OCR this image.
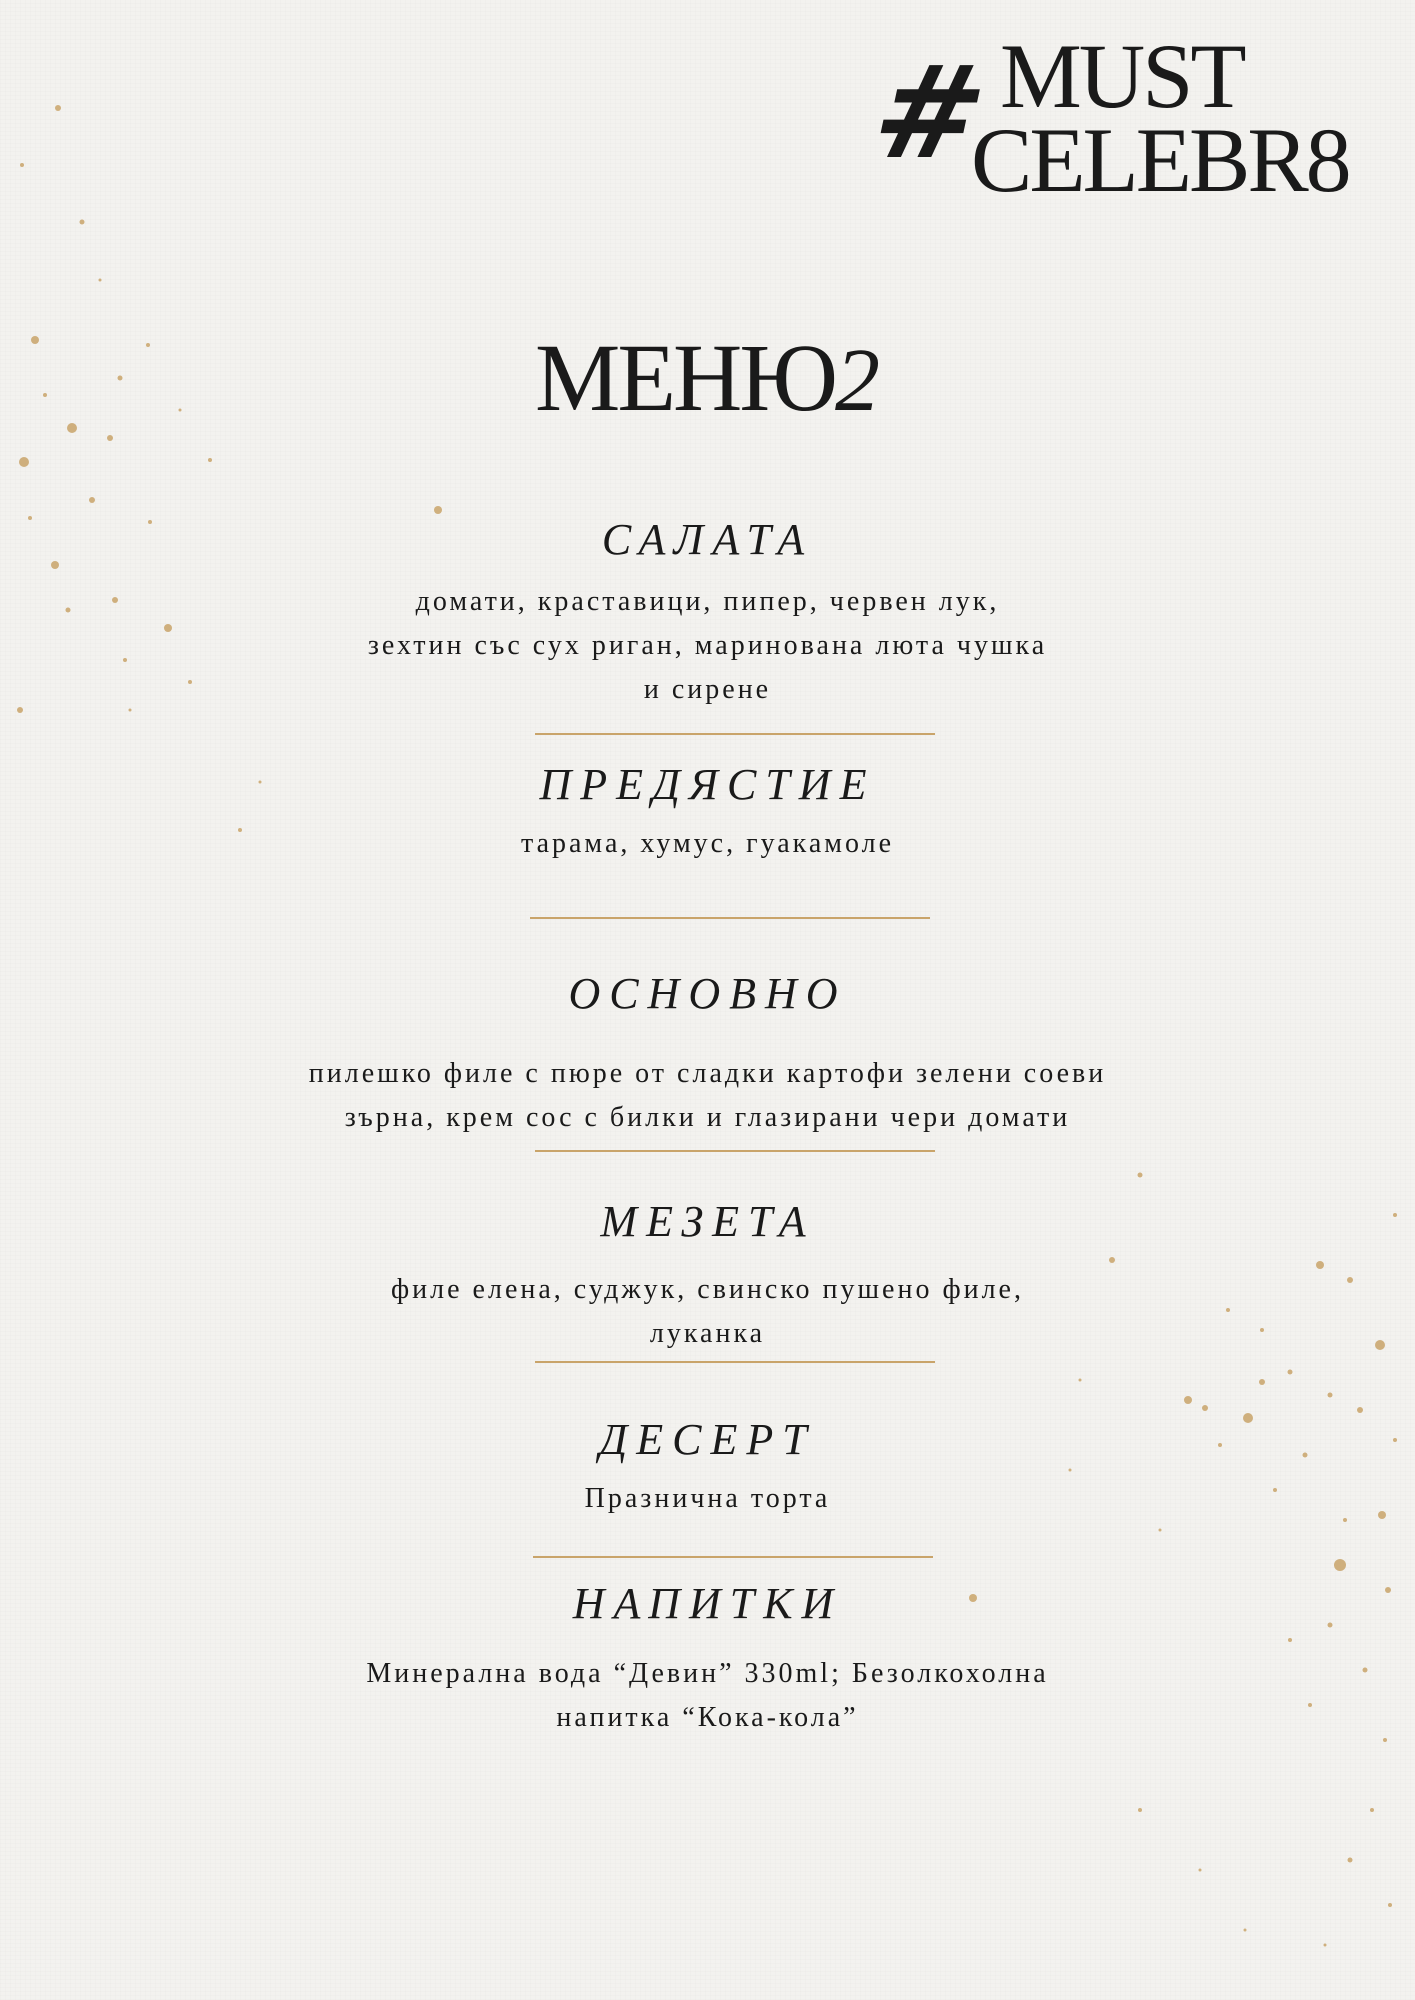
# MUST
CELEBR8
МЕНЮ2
САЛАТА
домати, краставици, пипер, червен лук,
зехтин със сух риган, маринована люта чушка
и сирене
ПРЕДЯСТИЕ
тарама, хумус, гуакамоле
ОСНОВНО
пилешко филе с пюре от сладки картофи зелени соеви
зърна, крем сос с билки и глазирани чери домати
МЕЗЕТА
филе елена, суджук, свинско пушено филе,
луканка
ДЕСЕРТ
Празнична торта
НАПИТКИ
Минерална вода “Девин” 330ml; Безолкохолна
напитка “Кока-кола”
